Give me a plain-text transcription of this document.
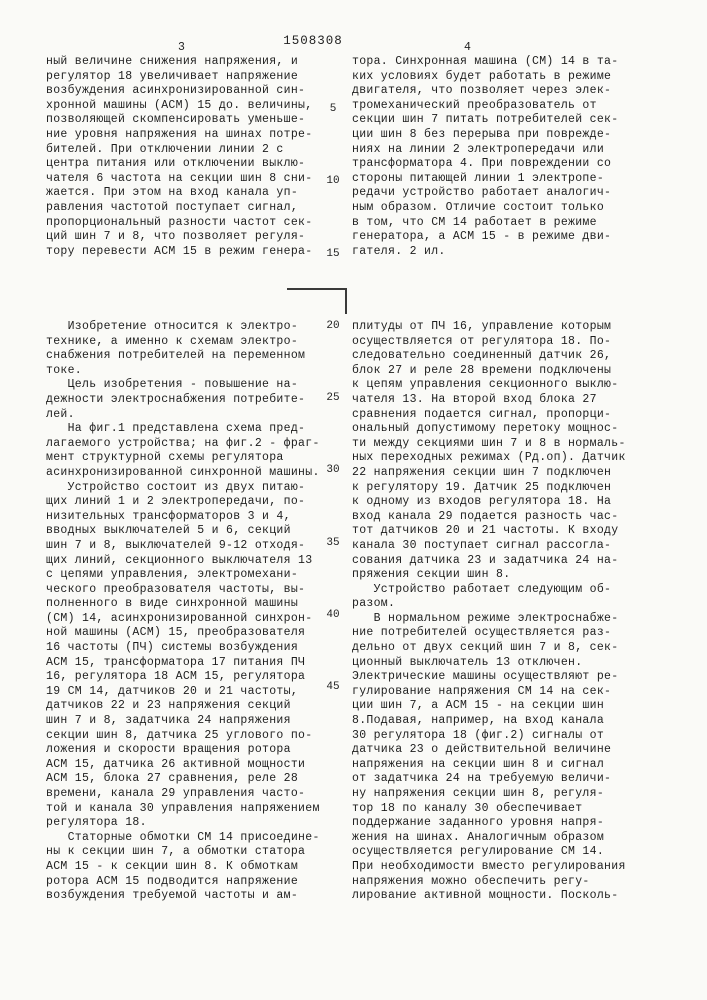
1508308
3	4
ный величине снижения напряжения, и
регулятор 18 увеличивает напряжение
возбуждения асинхронизированной син-
хронной машины (АСМ) 15 до. величины,
позволяющей скомпенсировать уменьше-
ние уровня напряжения на шинах потре-
бителей. При отключении линии 2 с
центра питания или отключении выклю-
чателя 6 частота на секции шин 8 сни-
жается. При этом на вход канала уп-
равления частотой поступает сигнал,
пропорциональный разности частот сек-
ций шин 7 и 8, что позволяет регуля-
тору перевести АСМ 15 в режим генера-
Изобретение относится к электро-
технике, а именно к схемам электро-
снабжения потребителей на переменном
токе.
Цель изобретения - повышение на-
дежности электроснабжения потребите-
лей.
На фиг.1 представлена схема пред-
лагаемого устройства; на фиг.2 - фраг-
мент структурной схемы регулятора
асинхронизированной синхронной машины.
Устройство состоит из двух питаю-
щих линий 1 и 2 электропередачи, по-
низительных трансформаторов 3 и 4,
вводных выключателей 5 и 6, секций
шин 7 и 8, выключателей 9-12 отходя-
щих линий, секционного выключателя 13
с цепями управления, электромехани-
ческого преобразователя частоты, вы-
полненного в виде синхронной машины
(СМ) 14, асинхронизированной синхрон-
ной машины (АСМ) 15, преобразователя
16 частоты (ПЧ) системы возбуждения
АСМ 15, трансформатора 17 питания ПЧ
16, регулятора 18 АСМ 15, регулятора
19 СМ 14, датчиков 20 и 21 частоты,
датчиков 22 и 23 напряжения секций
шин 7 и 8, задатчика 24 напряжения
секции шин 8, датчика 25 углового по-
ложения и скорости вращения ротора
АСМ 15, датчика 26 активной мощности
АСМ 15, блока 27 сравнения, реле 28
времени, канала 29 управления часто-
той и канала 30 управления напряжением
регулятора 18.
Статорные обмотки СМ 14 присоедине-
ны к секции шин 7, а обмотки статора
АСМ 15 - к секции шин 8. К обмоткам
ротора АСМ 15 подводится напряжение
возбуждения требуемой частоты и ам-
5
10
15
20
25
30
35
40
45
тора. Синхронная машина (СМ) 14 в та-
ких условиях будет работать в режиме
двигателя, что позволяет через элек-
тромеханический преобразователь от
секции шин 7 питать потребителей сек-
ции шин 8 без перерыва при поврежде-
ниях на линии 2 электропередачи или
трансформатора 4. При повреждении со
стороны питающей линии 1 электропе-
редачи устройство работает аналогич-
ным образом. Отличие состоит только
в том, что СМ 14 работает в режиме
генератора, а АСМ 15 - в режиме дви-
гателя. 2 ил.
плитуды от ПЧ 16, управление которым
осуществляется от регулятора 18. По-
следовательно соединенный датчик 26,
блок 27 и реле 28 времени подключены
к цепям управления секционного выклю-
чателя 13. На второй вход блока 27
сравнения подается сигнал, пропорци-
ональный допустимому перетоку мощнос-
ти между секциями шин 7 и 8 в нормаль-
ных переходных режимах (Рд.оп). Датчик
22 напряжения секции шин 7 подключен
к регулятору 19. Датчик 25 подключен
к одному из входов регулятора 18. На
вход канала 29 подается разность час-
тот датчиков 20 и 21 частоты. К входу
канала 30 поступает сигнал рассогла-
сования датчика 23 и задатчика 24 на-
пряжения секции шин 8.
Устройство работает следующим об-
разом.
В нормальном режиме электроснабже-
ние потребителей осуществляется раз-
дельно от двух секций шин 7 и 8, сек-
ционный выключатель 13 отключен.
Электрические машины осуществляют ре-
гулирование напряжения СМ 14 на сек-
ции шин 7, а АСМ 15 - на секции шин
8.Подавая, например, на вход канала
30 регулятора 18 (фиг.2) сигналы от
датчика 23 о действительной величине
напряжения на секции шин 8 и сигнал
от задатчика 24 на требуемую величи-
ну напряжения секции шин 8, регуля-
тор 18 по каналу 30 обеспечивает
поддержание заданного уровня напря-
жения на шинах. Аналогичным образом
осуществляется регулирование СМ 14.
При необходимости вместо регулирования
напряжения можно обеспечить регу-
лирование активной мощности. Посколь-
